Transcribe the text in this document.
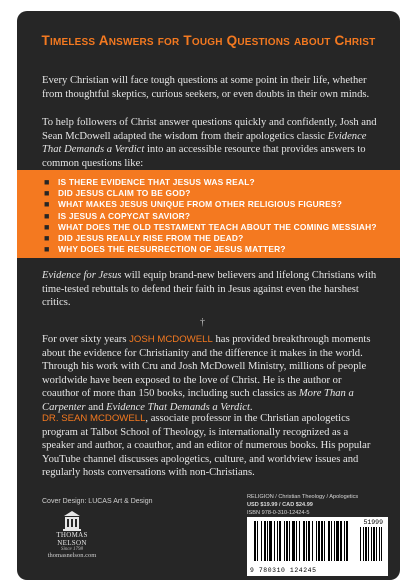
TIMELESS ANSWERS FOR TOUGH QUESTIONS ABOUT CHRIST

Every Christian will face tough questions at some point in their life, whether from thoughtful skeptics, curious seekers, or even doubts in their own minds.

To help followers of Christ answer questions quickly and confidently, Josh and Sean McDowell adapted the wisdom from their apologetics classic Evidence That Demands a Verdict into an accessible resource that provides answers to common questions like:

■ IS THERE EVIDENCE THAT JESUS WAS REAL?
■ DID JESUS CLAIM TO BE GOD?
■ WHAT MAKES JESUS UNIQUE FROM OTHER RELIGIOUS FIGURES?
■ IS JESUS A COPYCAT SAVIOR?
■ WHAT DOES THE OLD TESTAMENT TEACH ABOUT THE COMING MESSIAH?
■ DID JESUS REALLY RISE FROM THE DEAD?
■ WHY DOES THE RESURRECTION OF JESUS MATTER?

Evidence for Jesus will equip brand-new believers and lifelong Christians with time-tested rebuttals to defend their faith in Jesus against even the harshest critics.

†

For over sixty years JOSH MCDOWELL has provided breakthrough moments about the evidence for Christianity and the difference it makes in the world. Through his work with Cru and Josh McDowell Ministry, millions of people worldwide have been exposed to the love of Christ. He is the author or coauthor of more than 150 books, including such classics as More Than a Carpenter and Evidence That Demands a Verdict.

DR. SEAN MCDOWELL, associate professor in the Christian apologetics program at Talbot School of Theology, is internationally recognized as a speaker and author, a coauthor, and an editor of numerous books. His popular YouTube channel discusses apologetics, culture, and worldview issues and regularly hosts conversations with non-Christians.

Cover Design: LUCAS Art & Design
THOMAS NELSON
Since 1798
thomasnelson.com
RELIGION / Christian Theology / Apologetics
USD $19.99 / CAD $24.99
ISBN 978-0-310-12424-5
51999
9 780310 124245
